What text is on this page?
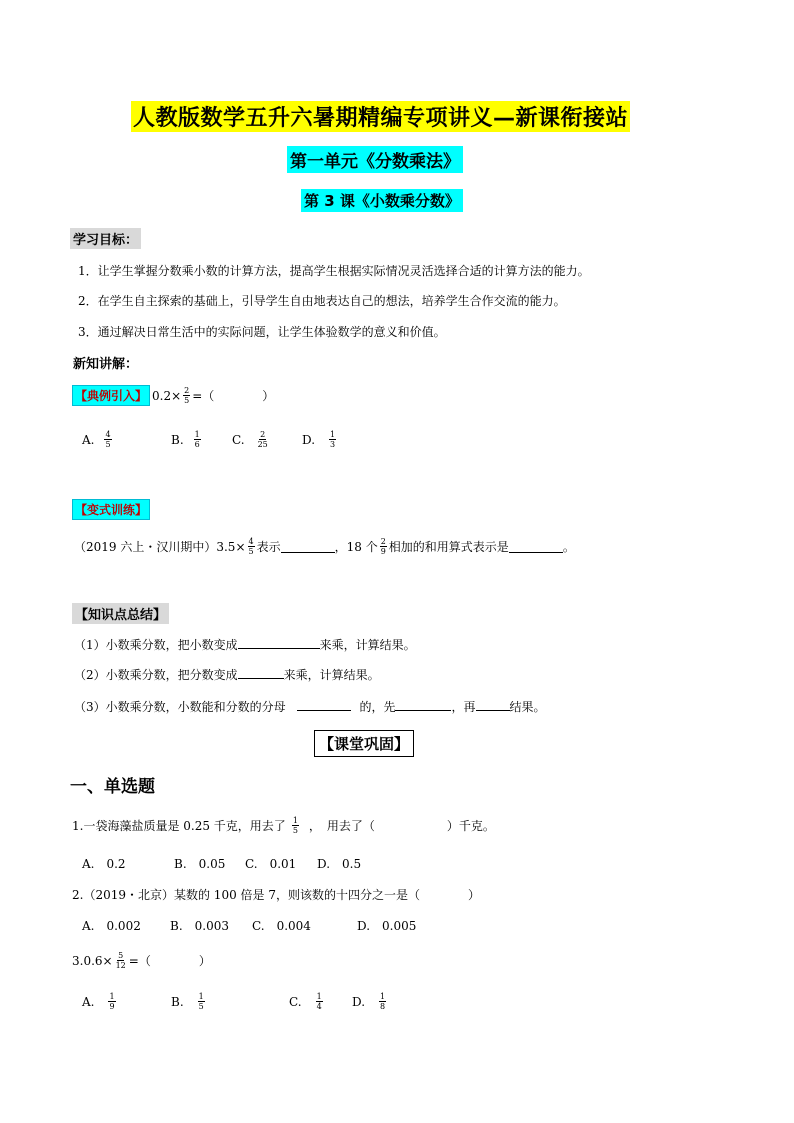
人教版数学五升六暑期精编专项讲义—新课衔接站
第一单元《分数乘法》
第 3 课《小数乘分数》
学习目标：
1．让学生掌握分数乘小数的计算方法，提高学生根据实际情况灵活选择合适的计算方法的能力。
2．在学生自主探索的基础上，引导学生自由地表达自己的想法，培养学生合作交流的能力。
3．通过解决日常生活中的实际问题，让学生体验数学的意义和价值。
新知讲解：
【典例引入】 $0.2\times \frac{2}{5}$ =（　　　　）
A. $\frac{4}{5}$	B. $\frac{1}{6}$	C. $\frac{2}{25}$	D. $\frac{1}{3}$
【变式训练】
（2019 六上・汉川期中）$3.5\times \frac{4}{5}$ 表示	，18 个 $\frac{2}{9}$ 相加的和用算式表示是	。
【知识点总结】
（1）小数乘分数，把小数变成	来乘，计算结果。
（2）小数乘分数，把分数变成	来乘，计算结果。
（3）小数乘分数，小数能和分数的分母	的，先	，再	结果。
【课堂巩固】
一、单选题
1.一袋海藻盐质量是 0.25 千克，用去了 $\frac{1}{5}$ ，　用去了（　　　　　　）千克。
A.　0.2	B.　0.05 C.　0.01 D.　0.5
2.（2019・北京）某数的 100 倍是 7，则该数的十四分之一是（　　　　）
A.　0.002 B.　0.003 C.　0.004	D.　0.005
$3.0.6\times \frac{5}{12}$ =（　　　　）
A. $\frac{1}{9}$	B. $\frac{1}{5}$	C. $\frac{1}{4} D$. $\frac{1}{8}$
